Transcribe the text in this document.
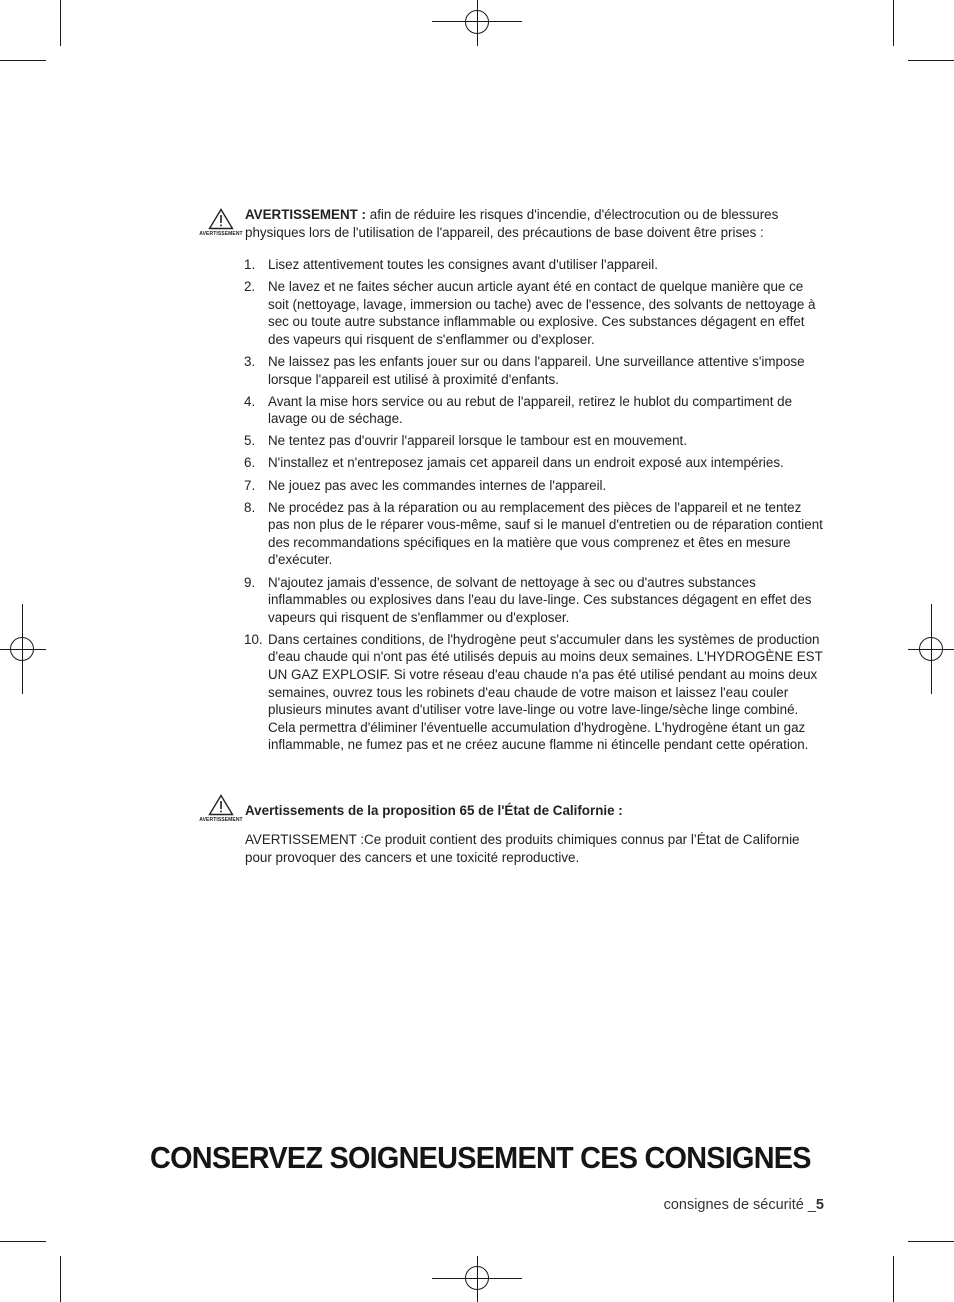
AVERTISSEMENT
AVERTISSEMENT : afin de réduire les risques d'incendie, d'électrocution ou de blessures physiques lors de l'utilisation de l'appareil, des précautions de base doivent être prises :
1. Lisez attentivement toutes les consignes avant d'utiliser l'appareil.
2. Ne lavez et ne faites sécher aucun article ayant été en contact de quelque manière que ce soit (nettoyage, lavage, immersion ou tache) avec de l'essence, des solvants de nettoyage à sec ou toute autre substance inflammable ou explosive. Ces substances dégagent en effet des vapeurs qui risquent de s'enflammer ou d'exploser.
3. Ne laissez pas les enfants jouer sur ou dans l'appareil. Une surveillance attentive s'impose lorsque l'appareil est utilisé à proximité d'enfants.
4. Avant la mise hors service ou au rebut de l'appareil, retirez le hublot du compartiment de lavage ou de séchage.
5. Ne tentez pas d'ouvrir l'appareil lorsque le tambour est en mouvement.
6. N'installez et n'entreposez jamais cet appareil dans un endroit exposé aux intempéries.
7. Ne jouez pas avec les commandes internes de l'appareil.
8. Ne procédez pas à la réparation ou au remplacement des pièces de l'appareil et ne tentez pas non plus de le réparer vous-même, sauf si le manuel d'entretien ou de réparation contient des recommandations spécifiques en la matière que vous comprenez et êtes en mesure d'exécuter.
9. N'ajoutez jamais d'essence, de solvant de nettoyage à sec ou d'autres substances inflammables ou explosives dans l'eau du lave-linge. Ces substances dégagent en effet des vapeurs qui risquent de s'enflammer ou d'exploser.
10. Dans certaines conditions, de l'hydrogène peut s'accumuler dans les systèmes de production d'eau chaude qui n'ont pas été utilisés depuis au moins deux semaines. L'HYDROGÈNE EST UN GAZ EXPLOSIF. Si votre réseau d'eau chaude n'a pas été utilisé pendant au moins deux semaines, ouvrez tous les robinets d'eau chaude de votre maison et laissez l'eau couler plusieurs minutes avant d'utiliser votre lave-linge ou votre lave-linge/sèche linge combiné. Cela permettra d'éliminer l'éventuelle accumulation d'hydrogène. L'hydrogène étant un gaz inflammable, ne fumez pas et ne créez aucune flamme ni étincelle pendant cette opération.
AVERTISSEMENT
Avertissements de la proposition 65 de l'État de Californie :
AVERTISSEMENT :Ce produit contient des produits chimiques connus par l’État de Californie pour provoquer des cancers et une toxicité reproductive.
CONSERVEZ SOIGNEUSEMENT CES CONSIGNES
consignes de sécurité _5
